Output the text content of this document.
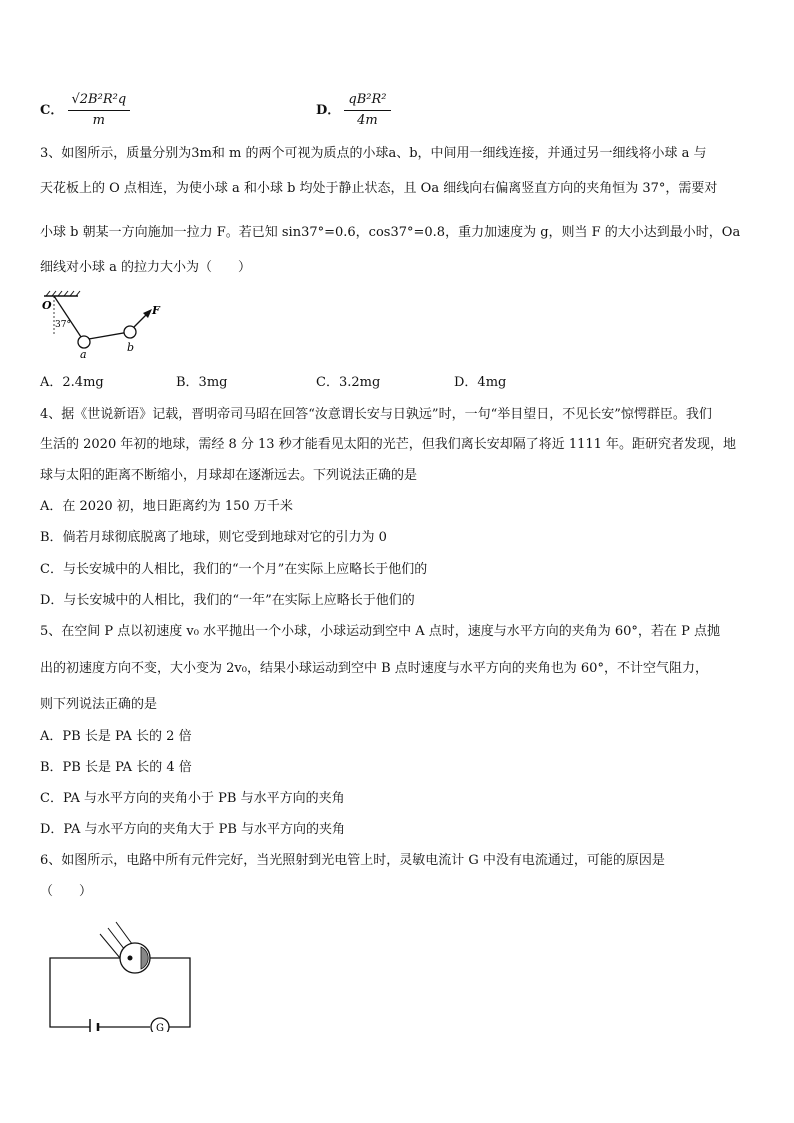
C． $\frac{\text{√2B²R²q}}{m}$	D． $\frac{\text{qB²R²}}{4m}$
3、如图所示，质量分别为3m和 m 的两个可视为质点的小球a、b，中间用一细线连接，并通过另一细线将小球 a 与
天花板上的 O 点相连，为使小球 a 和小球 b 均处于静止状态，且 Oa 细线向右偏离竖直方向的夹角恒为 37°，需要对
小球 b 朝某一方向施加一拉力 F。若已知 sin37°=0.6，cos37°=0.8，重力加速度为 g，则当 F 的大小达到最小时，Oa
细线对小球 a 的拉力大小为（　　）
O
37°
a
b
F
A．2.4mg	B．3mg	C．3.2mg	D．4mg
4、据《世说新语》记载，晋明帝司马昭在回答“汝意谓长安与日孰远”时，一句“举目望日，不见长安”惊愕群臣。我们
生活的 2020 年初的地球，需经 8 分 13 秒才能看见太阳的光芒，但我们离长安却隔了将近 1111 年。距研究者发现，地
球与太阳的距离不断缩小，月球却在逐渐远去。下列说法正确的是
A．在 2020 初，地日距离约为 150 万千米
B．倘若月球彻底脱离了地球，则它受到地球对它的引力为 0
C．与长安城中的人相比，我们的“一个月”在实际上应略长于他们的
D．与长安城中的人相比，我们的“一年”在实际上应略长于他们的
5、在空间 P 点以初速度 v₀ 水平抛出一个小球，小球运动到空中 A 点时，速度与水平方向的夹角为 60°，若在 P 点抛
出的初速度方向不变，大小变为 2v₀，结果小球运动到空中 B 点时速度与水平方向的夹角也为 60°，不计空气阻力，
则下列说法正确的是
A．PB 长是 PA 长的 2 倍
B．PB 长是 PA 长的 4 倍
C．PA 与水平方向的夹角小于 PB 与水平方向的夹角
D．PA 与水平方向的夹角大于 PB 与水平方向的夹角
6、如图所示，电路中所有元件完好，当光照射到光电管上时，灵敏电流计 G 中没有电流通过，可能的原因是
（　　）
G
